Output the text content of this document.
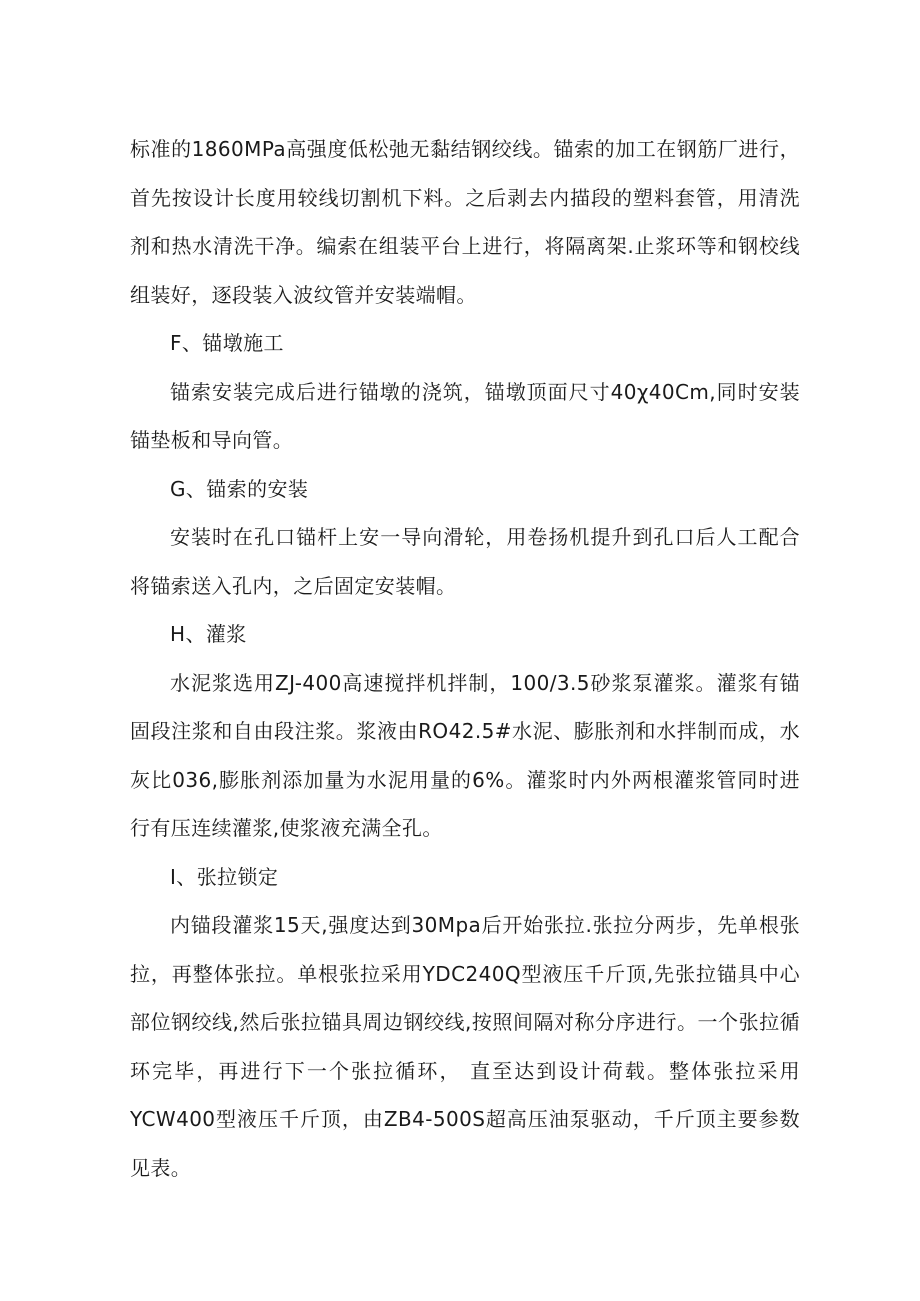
标准的1860MPa高强度低松弛无黏结钢绞线。锚索的加工在钢筋厂进行，首先按设计长度用较线切割机下料。之后剥去内描段的塑料套管，用清洗剂和热水清洗干净。编索在组装平台上进行，将隔离架.止浆环等和钢校线组装好，逐段装入波纹管并安装端帽。

F、锚墩施工

锚索安装完成后进行锚墩的浇筑，锚墩顶面尺寸40χ40Cm,同时安装锚垫板和导向管。

G、锚索的安装

安装时在孔口锚杆上安一导向滑轮，用卷扬机提升到孔口后人工配合将锚索送入孔内，之后固定安装帽。

H、灌浆

水泥浆选用ZJ-400高速搅拌机拌制，100/3.5砂浆泵灌浆。灌浆有锚固段注浆和自由段注浆。浆液由RO42.5#水泥、膨胀剂和水拌制而成，水灰比036,膨胀剂添加量为水泥用量的6%。灌浆时内外两根灌浆管同时进行有压连续灌浆,使浆液充满全孔。

I、张拉锁定

内锚段灌浆15天,强度达到30Mpa后开始张拉.张拉分两步，先单根张拉，再整体张拉。单根张拉采用YDC240Q型液压千斤顶,先张拉锚具中心部位钢绞线,然后张拉锚具周边钢绞线,按照间隔对称分序进行。一个张拉循环完毕，再进行下一个张拉循环， 直至达到设计荷载。整体张拉采用YCW400型液压千斤顶，由ZB4-500S超高压油泵驱动，千斤顶主要参数见表。
